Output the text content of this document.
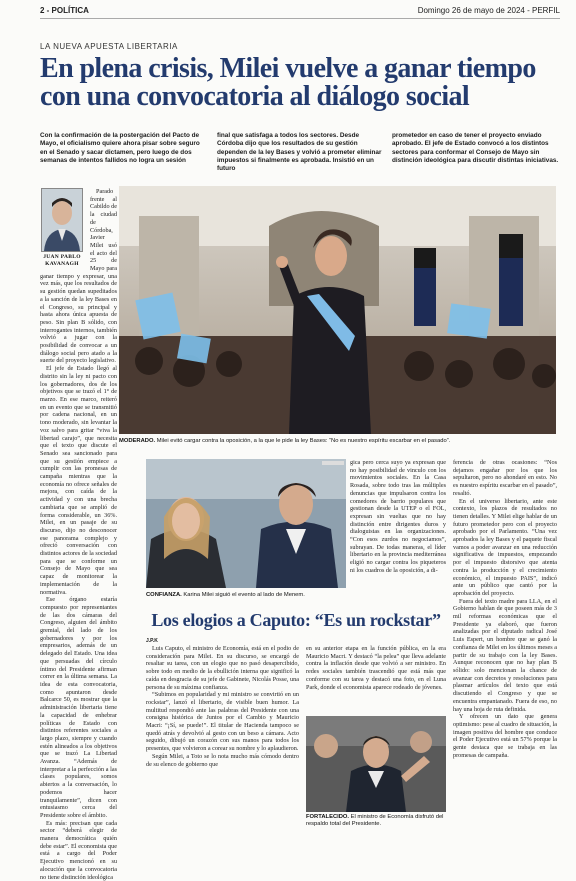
2 - POLÍTICA	Domingo 26 de mayo de 2024 - PERFIL
LA NUEVA APUESTA LIBERTARIA
En plena crisis, Milei vuelve a ganar tiempo con una convocatoria al diálogo social
Con la confirmación de la postergación del Pacto de Mayo, el oficialismo quiere ahora pisar sobre seguro en el Senado y sacar dictamen, pero luego de dos semanas de intentos fallidos no logra un sesión
final que satisfaga a todos los sectores. Desde Córdoba dijo que los resultados de su gestión dependen de la ley Bases y volvió a prometer eliminar impuestos si finalmente es aprobada. Insistió en un futuro
prometedor en caso de tener el proyecto enviado aprobado. El jefe de Estado convocó a los distintos sectores para conformar el Consejo de Mayo sin distinción ideológica para discutir distintas iniciativas.
JUAN PABLO KAVANAGH

Parado frente al Cabildo de la ciudad de Córdoba, Javier Milei usó el acto del 25 de Mayo para ganar tiempo y expresar, una vez más, que los resultados de su gestión quedan supeditados a la sanción de la ley Bases en el Congreso, su principal y hasta ahora única apuesta de peso. Sin plan B sólido, con interrogantes internos, también volvió a jugar con la posibilidad de convocar a un diálogo social pero atado a la suerte del proyecto legislativo.

El jefe de Estado llegó al distrito sin la ley ni pacto con los gobernadores, dos de los objetivos que se trazó el 1° de marzo. En ese marco, reiteró en un evento que se transmitió por cadena nacional, en un tono moderado, sin levantar la voz salvo para gritar “viva la libertad carajo”, que necesita que el texto que discute el Senado sea sancionado para que su gestión empiece a cumplir con las promesas de campaña mientras que la economía no ofrece señales de mejora, con caída de la actividad y con una brecha cambiaria que se amplió de forma considerable, un 36%. Milei, en un pasaje de su discurso, dijo no desconocer ese panorama complejo y ofreció conversación con distintos actores de la sociedad para que se conforme un Consejo de Mayo que sea capaz de monitorear la implementación de la normativa.

Ese órgano estaría compuesto por representantes de las dos cámaras del Congreso, alguien del ámbito gremial, del lado de los gobernadores y por los empresarios, además de un delegado del Estado. Una idea que persuadas del círculo íntimo del Presidente afirman correr en la última semana. La idea de esta convocatoria, como apuntaron desde Balcarce 50, es mostrar que la administración libertaria tiene la capacidad de enhebrar políticas de Estado con distintos referentes sociales a largo plazo, siempre y cuando estén alineados a los objetivos que se trazó La Libertad Avanza. “Además de interpretar a la perfección a las clases populares, somos abiertos a la conversación, lo podemos hacer tranquilamente”, dicen con entusiasmo cerca del Presidente sobre el ámbito.

Es más: precisan que cada sector “deberá elegir de manera democrática quién debe estar”. El economista que está a cargo del Poder Ejecutivo mencionó en su alocución que la convocatoria no tiene distinción ideológica

MODERADO. Milei evitó cargar contra la oposición, a la que le pide la ley Bases: “No es nuestro espíritu escarbar en el pasado”.
CONFIANZA. Karina Milei siguió el evento al lado de Menem.

gica pero cerca suyo ya expresan que no hay posibilidad de vinculo con los movimientos sociales. En la Casa Rosada, sobre todo tras las múltiples denuncias que impulsaron contra los comedores de barrio populares que gestionan desde la UTEP o el FOL, expresan sin vueltas que no hay distinción entre dirigentes duros y dialoguistas en las organizaciones. “Con esos zurdos no negociamos”, subrayan. De todas maneras, el líder libertario en la provincia mediterránea eligió no cargar contra los piqueteros ni los cuadros de la oposición, a di-

ferencia de otras ocasiones: “Nos dejamos engañar por los que los sepultaron, pero no ahondaré en esto. No es nuestro espíritu escarbar en el pasado”, resaltó.

En el universo libertario, ante este contexto, los plazos de resultados no tienen detalles. Y Milei elige hablar de un futuro prometedor pero con el proyecto aprobado por el Parlamento. “Una vez aprobados la ley Bases y el paquete fiscal vamos a poder avanzar en una reducción significativa de impuestos, empezando por el impuesto distorsivo que atenta contra la producción y el crecimiento económico, el impuesto PAIS”, indicó ante un público que cantó por la aprobación del proyecto.

Fuera del texto madre para LLA, en el Gobierno hablan de que poseen más de 3 mil reformas económicas que el Presidente ya elaboró, que fueron analizadas por el diputado radical José Luis Espert, un hombre que se ganó la confianza de Milei en los últimos meses a partir de su trabajo con la ley Bases. Aunque reconocen que no hay plan B sólido: solo mencionan la chance de avanzar con decretos y resoluciones para plasmar artículos del texto que está discutiendo el Congreso y que se encuentra empantanado. Fuera de eso, no hay una hoja de ruta definida.

Y ofrecen un dato que genera optimismo: pese al cuadro de situación, la imagen positiva del hombre que conduce el Poder Ejecutivo está un 57% porque la gente destaca que se trabaja en las promesas de campaña.

Los elogios a Caputo: “Es un rockstar”
J.P.K

Luis Caputo, el ministro de Economía, está en el podio de consideración para Milei. En su discurso, se encargó de resaltar su tarea, con un elogio que no pasó desapercibido, sobre todo en medio de la ebullición interna que significó la caída en desgracia de su jefe de Gabinete, Nicolás Posse, una persona de su máxima confianza.

“Subimos en popularidad y mi ministro se convirtió en un rockstar”, lanzó el libertario, de visible buen humor. La multitud respondió ante las palabras del Presidente con una consigna histórica de Juntos por el Cambio y Mauricio Macri: “¡Sí, se puede!”. El titular de Hacienda tampoco se quedó atrás y devolvió al gesto con un beso a cámara. Acto seguido, dibujó un corazón con sus manos para todos los presentes, que volvieron a corear su nombre y lo aplaudieron.

Según Milei, a Toto se lo nota mucho más cómodo dentro de su elenco de gobierno que

en su anterior etapa en la función pública, en la era Mauricio Macri. Y destacó “la pelea” que lleva adelante contra la inflación desde que volvió a ser ministro. En redes sociales también trascendió que está más que conforme con su tarea y destacó una foto, en el Luna Park, donde el economista aparece rodeado de jóvenes.

FORTALECIDO. El ministro de Economía disfrutó del respaldo total del Presidente.
